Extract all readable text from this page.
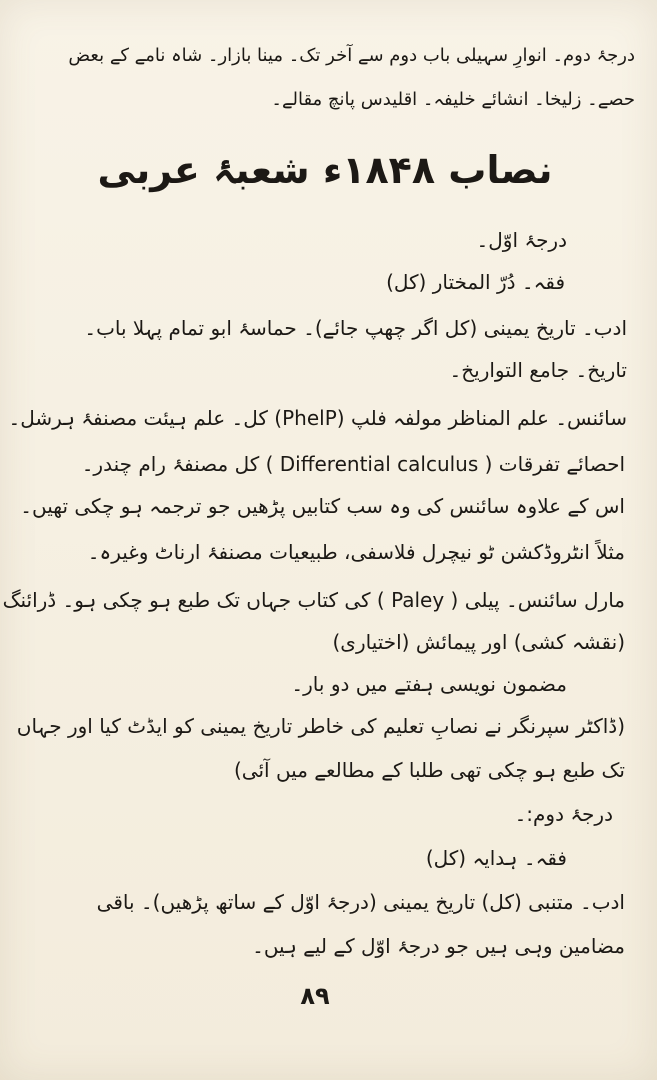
درجۂ دوم۔ انوارِ سہیلی باب دوم سے آخر تک۔ مینا بازار۔ شاہ نامے کے بعض
حصے۔ زلیخا۔ انشائے خلیفہ۔ اقلیدس پانچ مقالے۔
نصاب ۱۸۴۸ء شعبۂ عربی
درجۂ اوّل۔
فقہ۔ دُرّ المختار (کل)
ادب۔ تاریخ یمینی (کل اگر چھپ جائے)۔ حماسۂ ابو تمام پہلا باب۔
تاریخ۔ جامع التواریخ۔
سائنس۔ علم المناظر مولفہ فلپ (PhelP) کل۔ علم ہیئت مصنفۂ ہرشل۔
احصائے تفرقات ( Differential calculus ) کل مصنفۂ رام چندر۔
اس کے علاوہ سائنس کی وہ سب کتابیں پڑھیں جو ترجمہ ہو چکی تھیں۔
مثلاً انٹروڈکشن ٹو نیچرل فلاسفی، طبیعیات مصنفۂ ارناٹ وغیرہ۔
مارل سائنس۔ پیلی ( Paley ) کی کتاب جہاں تک طبع ہو چکی ہو۔ ڈرائنگ
(نقشہ کشی) اور پیمائش (اختیاری)
مضمون نویسی ہفتے میں دو بار۔
(ڈاکٹر سپرنگر نے نصابِ تعلیم کی خاطر تاریخ یمینی کو ایڈٹ کیا اور جہاں
تک طبع ہو چکی تھی طلبا کے مطالعے میں آئی)
درجۂ دوم:۔
فقہ۔ ہدایہ (کل)
ادب۔ متنبی (کل) تاریخ یمینی (درجۂ اوّل کے ساتھ پڑھیں)۔ باقی
مضامین وہی ہیں جو درجۂ اوّل کے لیے ہیں۔
۸۹
